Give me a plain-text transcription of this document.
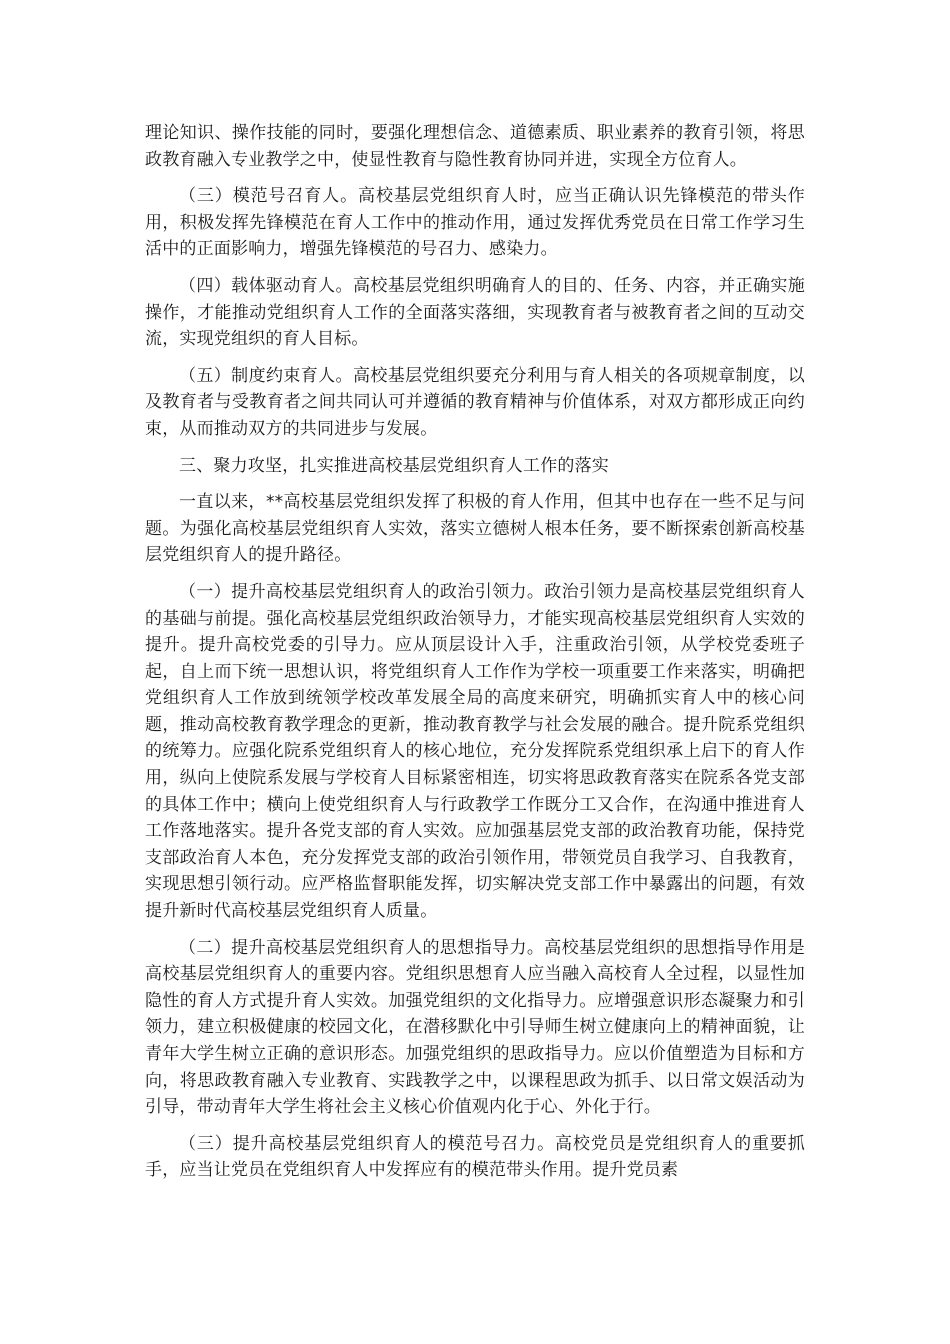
理论知识、操作技能的同时，要强化理想信念、道德素质、职业素养的教育引领，将思政教育融入专业教学之中，使显性教育与隐性教育协同并进，实现全方位育人。

（三）模范号召育人。高校基层党组织育人时，应当正确认识先锋模范的带头作用，积极发挥先锋模范在育人工作中的推动作用，通过发挥优秀党员在日常工作学习生活中的正面影响力，增强先锋模范的号召力、感染力。

（四）载体驱动育人。高校基层党组织明确育人的目的、任务、内容，并正确实施操作，才能推动党组织育人工作的全面落实落细，实现教育者与被教育者之间的互动交流，实现党组织的育人目标。

（五）制度约束育人。高校基层党组织要充分利用与育人相关的各项规章制度，以及教育者与受教育者之间共同认可并遵循的教育精神与价值体系，对双方都形成正向约束，从而推动双方的共同进步与发展。

三、聚力攻坚，扎实推进高校基层党组织育人工作的落实

一直以来，**高校基层党组织发挥了积极的育人作用，但其中也存在一些不足与问题。为强化高校基层党组织育人实效，落实立德树人根本任务，要不断探索创新高校基层党组织育人的提升路径。

（一）提升高校基层党组织育人的政治引领力。政治引领力是高校基层党组织育人的基础与前提。强化高校基层党组织政治领导力，才能实现高校基层党组织育人实效的提升。提升高校党委的引导力。应从顶层设计入手，注重政治引领，从学校党委班子起，自上而下统一思想认识，将党组织育人工作作为学校一项重要工作来落实，明确把党组织育人工作放到统领学校改革发展全局的高度来研究，明确抓实育人中的核心问题，推动高校教育教学理念的更新，推动教育教学与社会发展的融合。提升院系党组织的统筹力。应强化院系党组织育人的核心地位，充分发挥院系党组织承上启下的育人作用，纵向上使院系发展与学校育人目标紧密相连，切实将思政教育落实在院系各党支部的具体工作中；横向上使党组织育人与行政教学工作既分工又合作，在沟通中推进育人工作落地落实。提升各党支部的育人实效。应加强基层党支部的政治教育功能，保持党支部政治育人本色，充分发挥党支部的政治引领作用，带领党员自我学习、自我教育，实现思想引领行动。应严格监督职能发挥，切实解决党支部工作中暴露出的问题，有效提升新时代高校基层党组织育人质量。

（二）提升高校基层党组织育人的思想指导力。高校基层党组织的思想指导作用是高校基层党组织育人的重要内容。党组织思想育人应当融入高校育人全过程，以显性加隐性的育人方式提升育人实效。加强党组织的文化指导力。应增强意识形态凝聚力和引领力，建立积极健康的校园文化，在潜移默化中引导师生树立健康向上的精神面貌，让青年大学生树立正确的意识形态。加强党组织的思政指导力。应以价值塑造为目标和方向，将思政教育融入专业教育、实践教学之中，以课程思政为抓手、以日常文娱活动为引导，带动青年大学生将社会主义核心价值观内化于心、外化于行。

（三）提升高校基层党组织育人的模范号召力。高校党员是党组织育人的重要抓手，应当让党员在党组织育人中发挥应有的模范带头作用。提升党员素
